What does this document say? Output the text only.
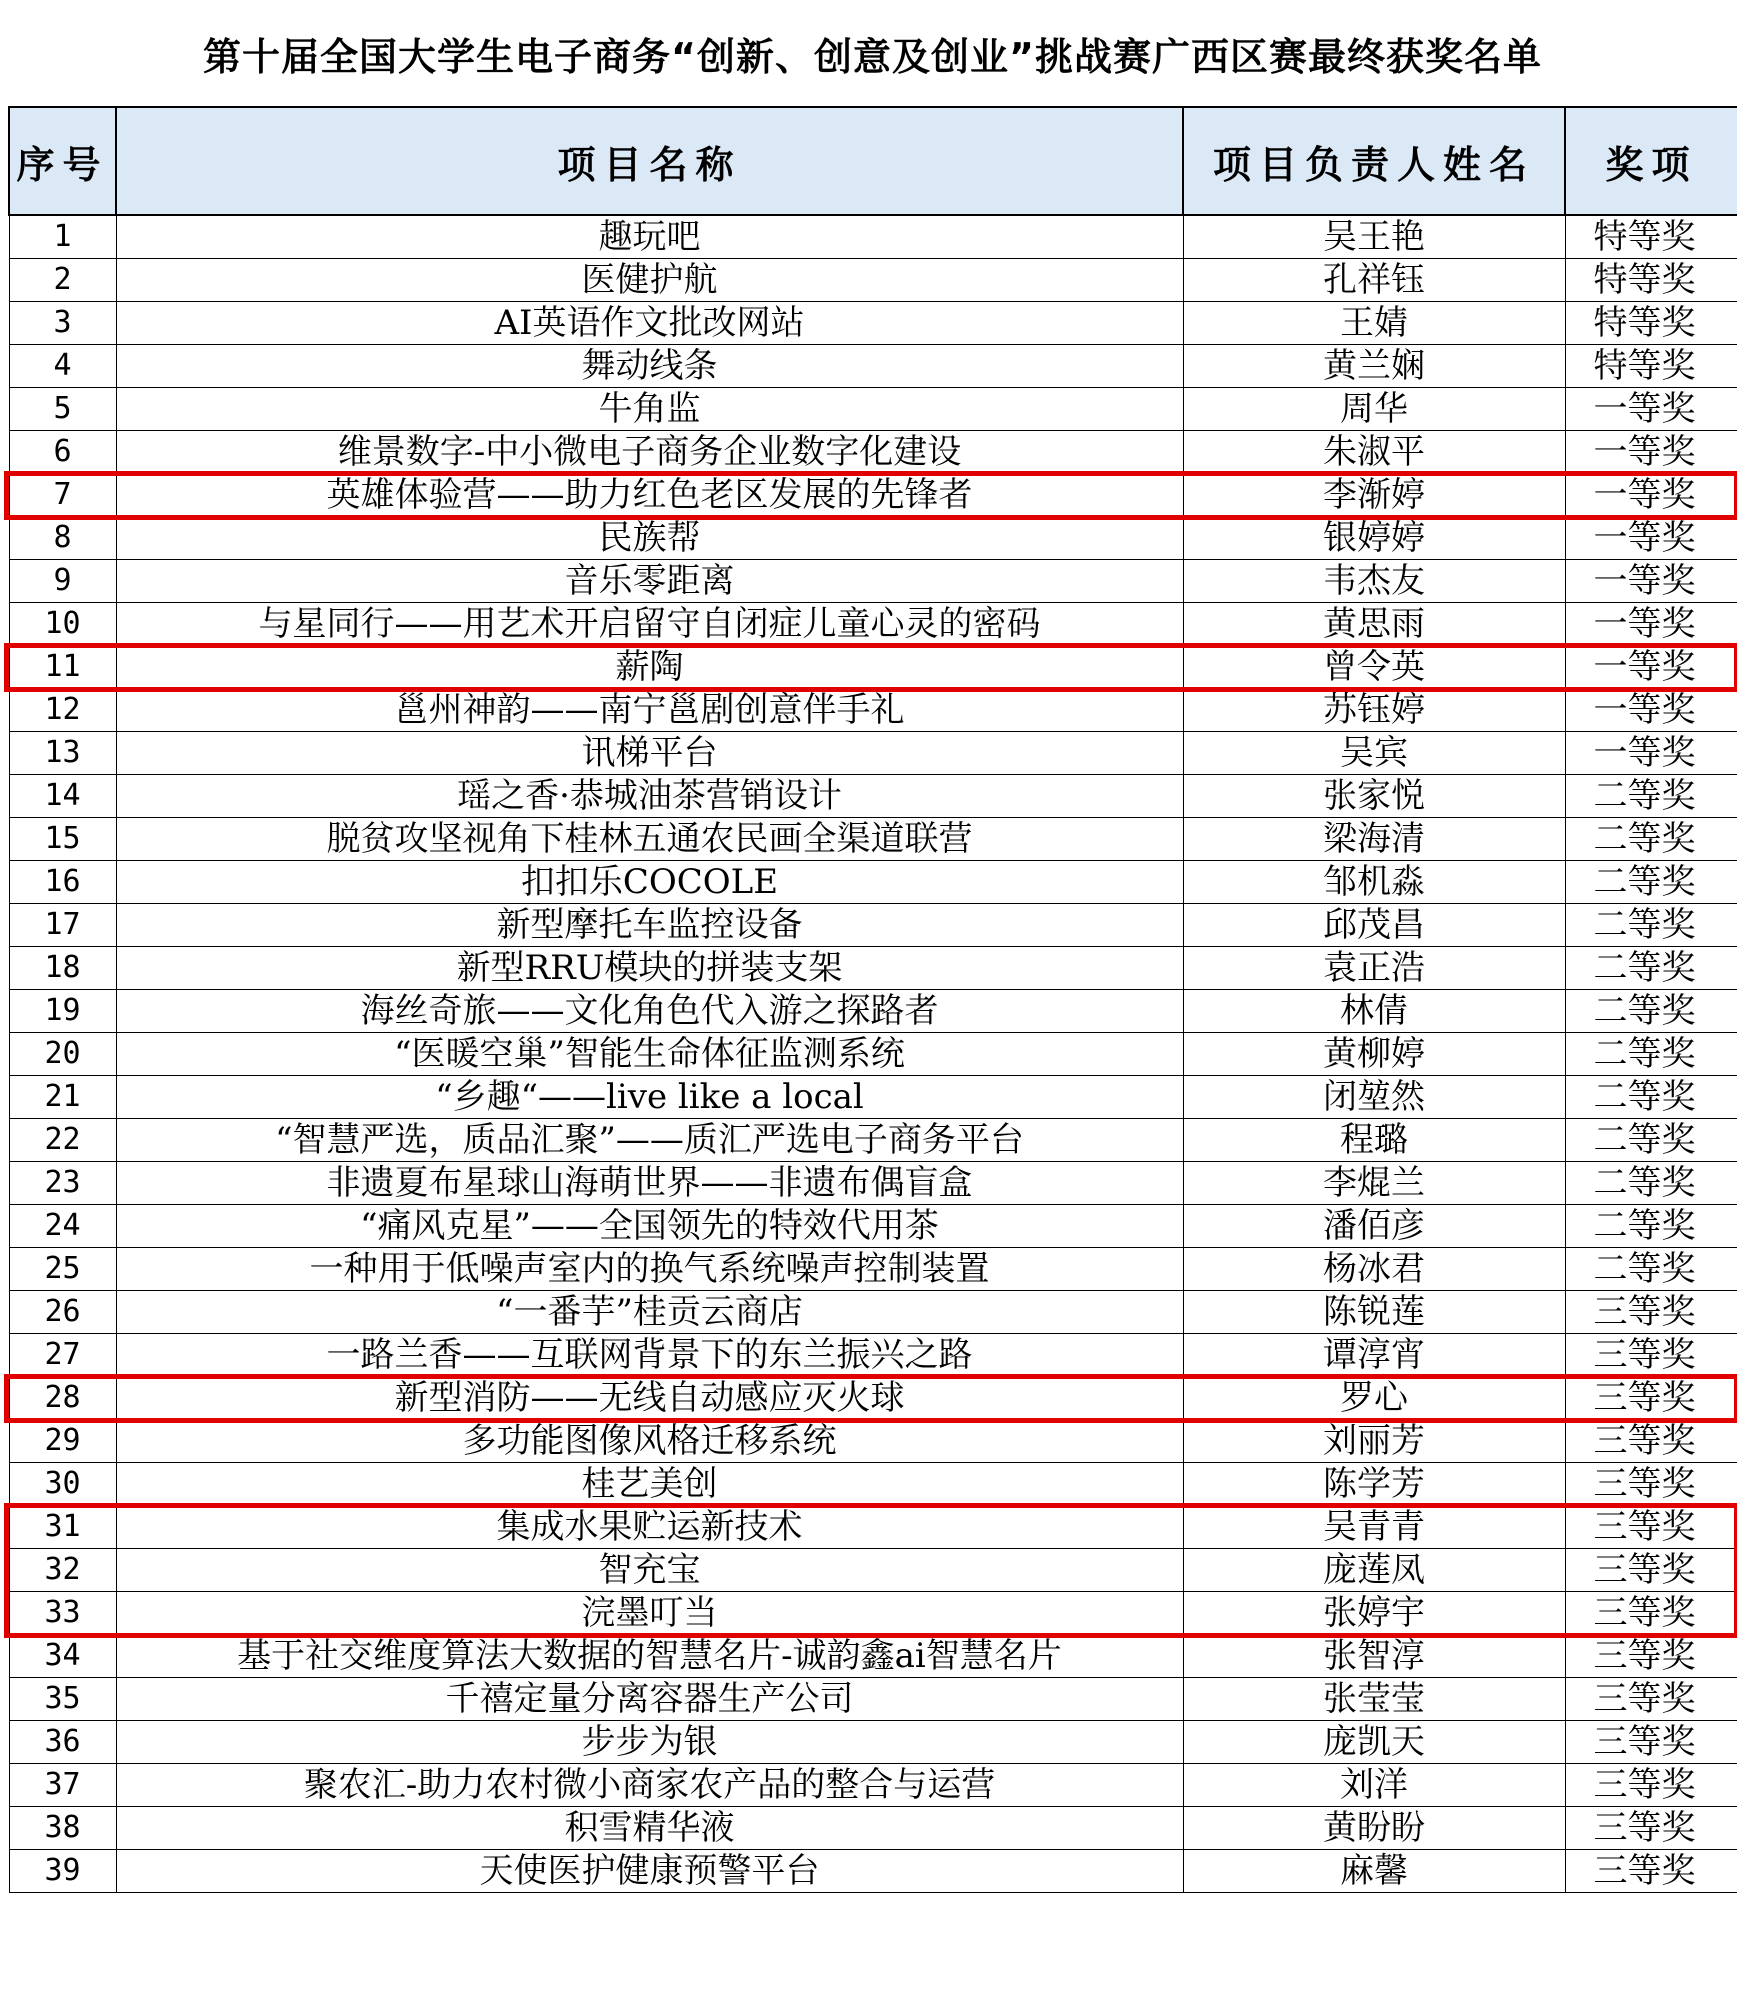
第十届全国大学生电子商务“创新、创意及创业”挑战赛广西区赛最终获奖名单
序号	项目名称	项目负责人姓名	奖项
1	趣玩吧	吴王艳	特等奖
2	医健护航	孔祥钰	特等奖
3	AI英语作文批改网站	王婧	特等奖
4	舞动线条	黄兰娴	特等奖
5	牛角监	周华	一等奖
6	维景数字-中小微电子商务企业数字化建设	朱淑平	一等奖
7	英雄体验营——助力红色老区发展的先锋者	李渐婷	一等奖
8	民族帮	银婷婷	一等奖
9	音乐零距离	韦杰友	一等奖
10	与星同行——用艺术开启留守自闭症儿童心灵的密码	黄思雨	一等奖
11	薪陶	曾令英	一等奖
12	邕州神韵——南宁邕剧创意伴手礼	苏钰婷	一等奖
13	讯梯平台	吴宾	一等奖
14	瑶之香·恭城油茶营销设计	张家悦	二等奖
15	脱贫攻坚视角下桂林五通农民画全渠道联营	梁海清	二等奖
16	扣扣乐COCOLE	邹机淼	二等奖
17	新型摩托车监控设备	邱茂昌	二等奖
18	新型RRU模块的拼装支架	袁正浩	二等奖
19	海丝奇旅——文化角色代入游之探路者	林倩	二等奖
20	“医暖空巢”智能生命体征监测系统	黄柳婷	二等奖
21	“乡趣“——live like a local	闭堃然	二等奖
22	“智慧严选，质品汇聚”——质汇严选电子商务平台	程璐	二等奖
23	非遗夏布星球山海萌世界——非遗布偶盲盒	李焜兰	二等奖
24	“痛风克星”——全国领先的特效代用茶	潘佰彦	二等奖
25	一种用于低噪声室内的换气系统噪声控制装置	杨冰君	二等奖
26	“一番芋”桂贡云商店	陈锐莲	三等奖
27	一路兰香——互联网背景下的东兰振兴之路	谭淳宵	三等奖
28	新型消防——无线自动感应灭火球	罗心	三等奖
29	多功能图像风格迁移系统	刘丽芳	三等奖
30	桂艺美创	陈学芳	三等奖
31	集成水果贮运新技术	吴青青	三等奖
32	智充宝	庞莲凤	三等奖
33	浣墨叮当	张婷宇	三等奖
34	基于社交维度算法大数据的智慧名片-诚韵鑫ai智慧名片	张智淳	三等奖
35	千禧定量分离容器生产公司	张莹莹	三等奖
36	步步为银	庞凯天	三等奖
37	聚农汇-助力农村微小商家农产品的整合与运营	刘洋	三等奖
38	积雪精华液	黄盼盼	三等奖
39	天使医护健康预警平台	麻馨	三等奖
